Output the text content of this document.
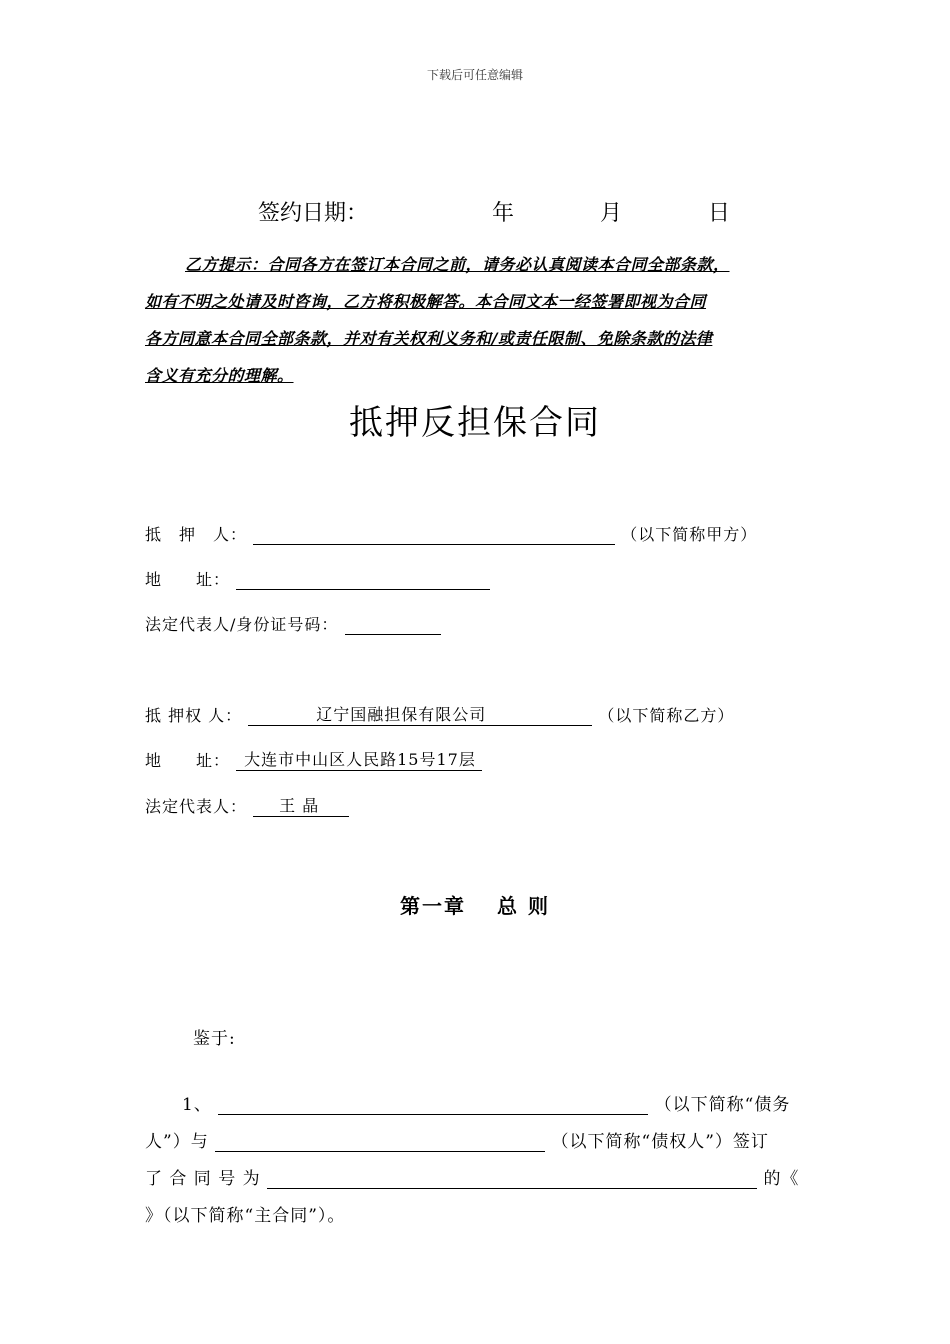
下载后可任意编辑
签约日期：	年	月	日
乙方提示：合同各方在签订本合同之前，请务必认真阅读本合同全部条款，
如有不明之处请及时咨询，乙方将积极解答。本合同文本一经签署即视为合同
各方同意本合同全部条款，并对有关权利义务和/或责任限制、免除条款的法律
含义有充分的理解。
抵押反担保合同
抵　押　人：	（以下简称甲方）
地　　址：
法定代表人/身份证号码：
抵 押权 人：	辽宁国融担保有限公司	（以下简称乙方）
地　　址： 大连市中山区人民路15号17层
法定代表人： 王 晶
第一章　 总 则
鉴于:
1、	（以下简称“债务
人”）与	（以下简称“债权人”）签订
了 合 同 号 为	的《
》（以下简称“主合同”）。
